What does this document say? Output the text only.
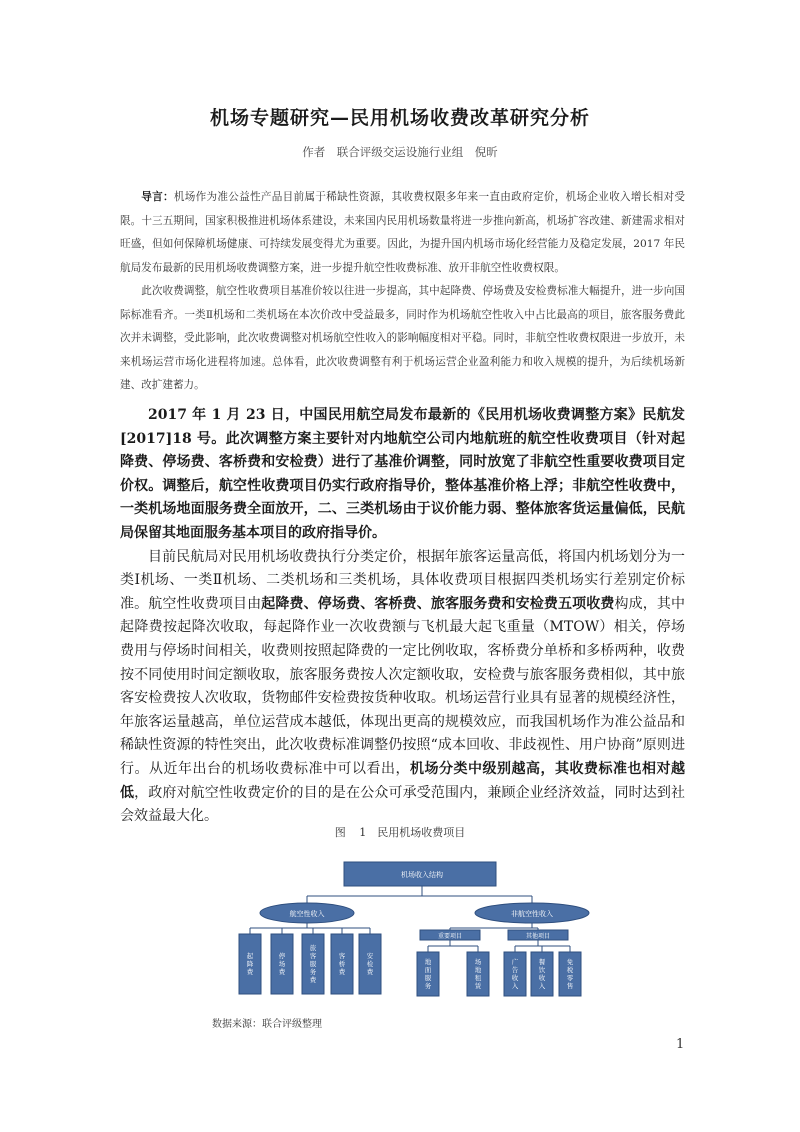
机场专题研究—民用机场收费改革研究分析
作者　联合评级交运设施行业组　倪昕

导言：机场作为准公益性产品目前属于稀缺性资源，其收费权限多年来一直由政府定价，机场企业收入增长相对受限。十三五期间，国家积极推进机场体系建设，未来国内民用机场数量将进一步推向新高，机场扩容改建、新建需求相对旺盛，但如何保障机场健康、可持续发展变得尤为重要。因此，为提升国内机场市场化经营能力及稳定发展，2017 年民航局发布最新的民用机场收费调整方案，进一步提升航空性收费标准、放开非航空性收费权限。

此次收费调整，航空性收费项目基准价较以往进一步提高，其中起降费、停场费及安检费标准大幅提升，进一步向国际标准看齐。一类Ⅱ机场和二类机场在本次价改中受益最多，同时作为机场航空性收入中占比最高的项目，旅客服务费此次并未调整，受此影响，此次收费调整对机场航空性收入的影响幅度相对平稳。同时，非航空性收费权限进一步放开，未来机场运营市场化进程将加速。总体看，此次收费调整有利于机场运营企业盈利能力和收入规模的提升，为后续机场新建、改扩建蓄力。

2017 年 1 月 23 日，中国民用航空局发布最新的《民用机场收费调整方案》民航发[2017]18 号。此次调整方案主要针对内地航空公司内地航班的航空性收费项目（针对起降费、停场费、客桥费和安检费）进行了基准价调整，同时放宽了非航空性重要收费项目定价权。调整后，航空性收费项目仍实行政府指导价，整体基准价格上浮；非航空性收费中，一类机场地面服务费全面放开，二、三类机场由于议价能力弱、整体旅客货运量偏低，民航局保留其地面服务基本项目的政府指导价。

目前民航局对民用机场收费执行分类定价，根据年旅客运量高低，将国内机场划分为一类Ⅰ机场、一类Ⅱ机场、二类机场和三类机场，具体收费项目根据四类机场实行差别定价标准。航空性收费项目由起降费、停场费、客桥费、旅客服务费和安检费五项收费构成，其中起降费按起降次收取，每起降作业一次收费额与飞机最大起飞重量（MTOW）相关，停场费用与停场时间相关，收费则按照起降费的一定比例收取，客桥费分单桥和多桥两种，收费按不同使用时间定额收取，旅客服务费按人次定额收取，安检费与旅客服务费相似，其中旅客安检费按人次收取，货物邮件安检费按货种收取。机场运营行业具有显著的规模经济性，年旅客运量越高，单位运营成本越低，体现出更高的规模效应，而我国机场作为准公益品和稀缺性资源的特性突出，此次收费标准调整仍按照“成本回收、非歧视性、用户协商”原则进行。从近年出台的机场收费标准中可以看出，机场分类中级别越高，其收费标准也相对越低，政府对航空性收费定价的目的是在公众可承受范围内，兼顾企业经济效益，同时达到社会效益最大化。

图 1　民用机场收费项目
机场收入结构
航空性收入	非航空性收入
起降费
停场费
旅客服务费
客桥费
安检费
重要项目	其他项目
地面服务
场地租赁
广告收入
餐饮收入
免税零售
数据来源：联合评级整理
1
